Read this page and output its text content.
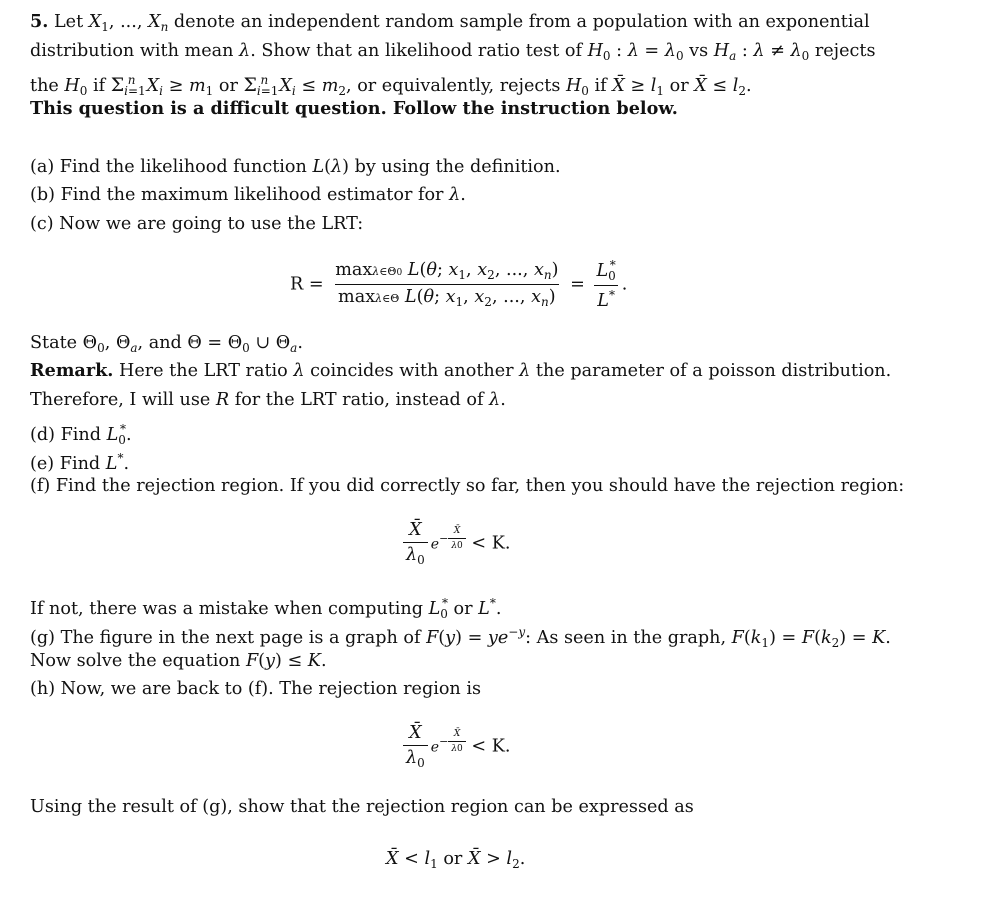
5. Let $X_1$, ..., $X_n$ denote an independent random sample from a population with an exponential
distribution with mean λ. Show that an likelihood ratio test of $H_0$ : $\lambda = \lambda_0$ vs $H_a$ : $\lambda \ne \lambda_0$ rejects
the $H_0$ if $\Sigma_{i=1}^n$ $X_i \ge m_1$ or $\Sigma_{i=1}^n$ $X_i \le m_2$, or equivalently, rejects $H_0$ if X̄ ≥ $l_1$ or X̄ ≤ $l_2$.
This question is a difficult question. Follow the instruction below.
(a) Find the likelihood function L(λ) by using the definition.
(b) Find the maximum likelihood estimator for λ.
(c) Now we are going to use the LRT:
$R = \frac{\max\lambda\in\Theta 0 L(\theta; x_1, x_2, ..., x_n)}{\max\lambda\in\Theta L(\theta; x_1, x_2, ..., x_n)} = \frac{L_0^*}{L^*}$ .
State $\Theta_0$, $\Theta_a$, and $\Theta = \Theta_0$ ∪ $\Theta_a$.
Remark. Here the LRT ratio λ coincides with another λ the parameter of a poisson distribution.
Therefore, I will use R for the LRT ratio, instead of λ.
(d) Find $L_0^*$.
(e) Find L*.
(f) Find the rejection region. If you did correctly so far, then you should have the rejection region:
$\frac{X̄}{\lambda_0} e^{- \frac{X̄}{\lambda 0}} < K$.
If not, there was a mistake when computing $L_0^*$ or L*.
(g) The figure in the next page is a graph of $F(y) = ye^{-y}$: As seen in the graph, $F(k_1) = F(k_2) = K$.
Now solve the equation F(y) ≤ K.
(h) Now, we are back to (f). The rejection region is
$\frac{X̄}{\lambda_0} e^{- \frac{X̄}{\lambda 0}} < K$.
Using the result of (g), show that the rejection region can be expressed as
X̄ < $l_1$ or X̄ > $l_2$.
